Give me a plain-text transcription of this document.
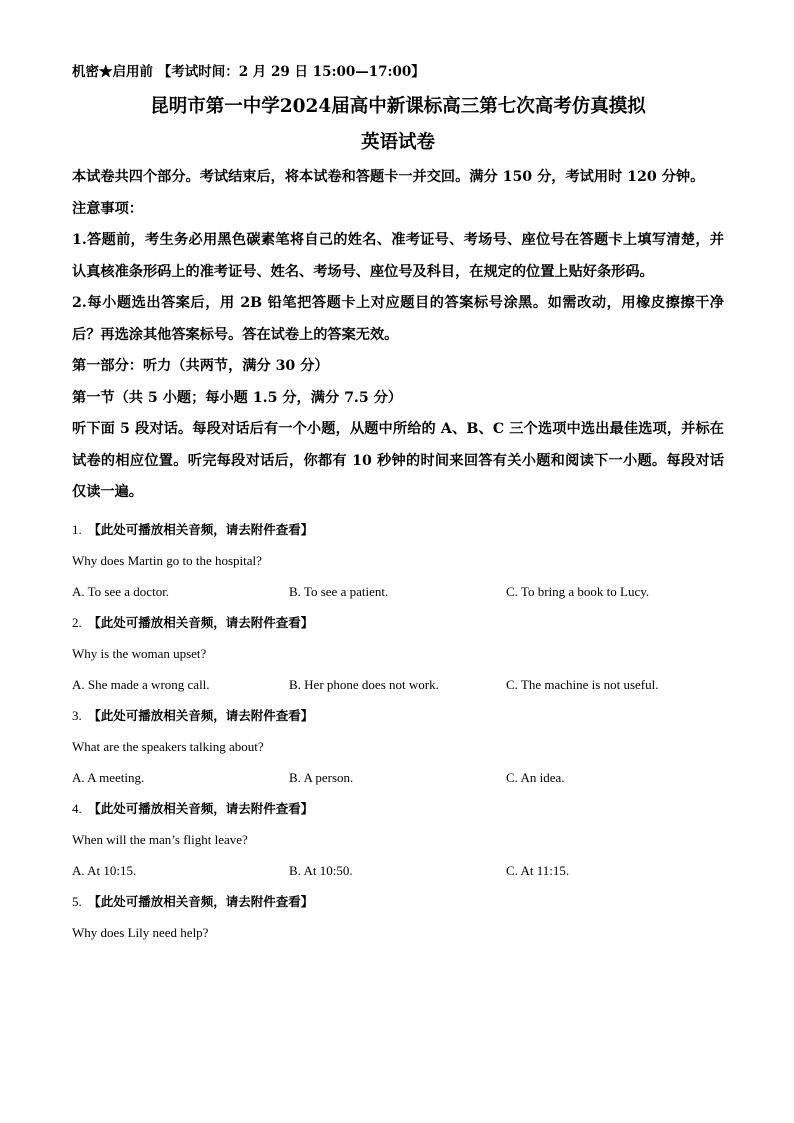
机密★启用前 【考试时间：2 月 29 日 15:00—17:00】
昆明市第一中学2024届高中新课标高三第七次高考仿真摸拟
英语试卷
本试卷共四个部分。考试结束后，将本试卷和答题卡一并交回。满分 150 分，考试用时 120 分钟。
注意事项：
1.答题前，考生务必用黑色碳素笔将自己的姓名、准考证号、考场号、座位号在答题卡上填写清楚，并认真核准条形码上的准考证号、姓名、考场号、座位号及科目，在规定的位置上贴好条形码。
2.每小题选出答案后，用 2B 铅笔把答题卡上对应题目的答案标号涂黑。如需改动，用橡皮擦擦干净后？再选涂其他答案标号。答在试卷上的答案无效。
第一部分：听力（共两节，满分 30 分）
第一节（共 5 小题；每小题 1.5 分，满分 7.5 分）
听下面 5 段对话。每段对话后有一个小题，从题中所给的 A、B、C 三个选项中选出最佳选项，并标在试卷的相应位置。听完每段对话后，你都有 10 秒钟的时间来回答有关小题和阅读下一小题。每段对话仅读一遍。
1. 【此处可播放相关音频，请去附件查看】
Why does Martin go to the hospital?
A. To see a doctor.	B. To see a patient.	C. To bring a book to Lucy.
2. 【此处可播放相关音频，请去附件查看】
Why is the woman upset?
A. She made a wrong call.	B. Her phone does not work.	C. The machine is not useful.
3. 【此处可播放相关音频，请去附件查看】
What are the speakers talking about?
A. A meeting.	B. A person.	C. An idea.
4. 【此处可播放相关音频，请去附件查看】
When will the man’s flight leave?
A. At 10:15.	B. At 10:50.	C. At 11:15.
5. 【此处可播放相关音频，请去附件查看】
Why does Lily need help?
